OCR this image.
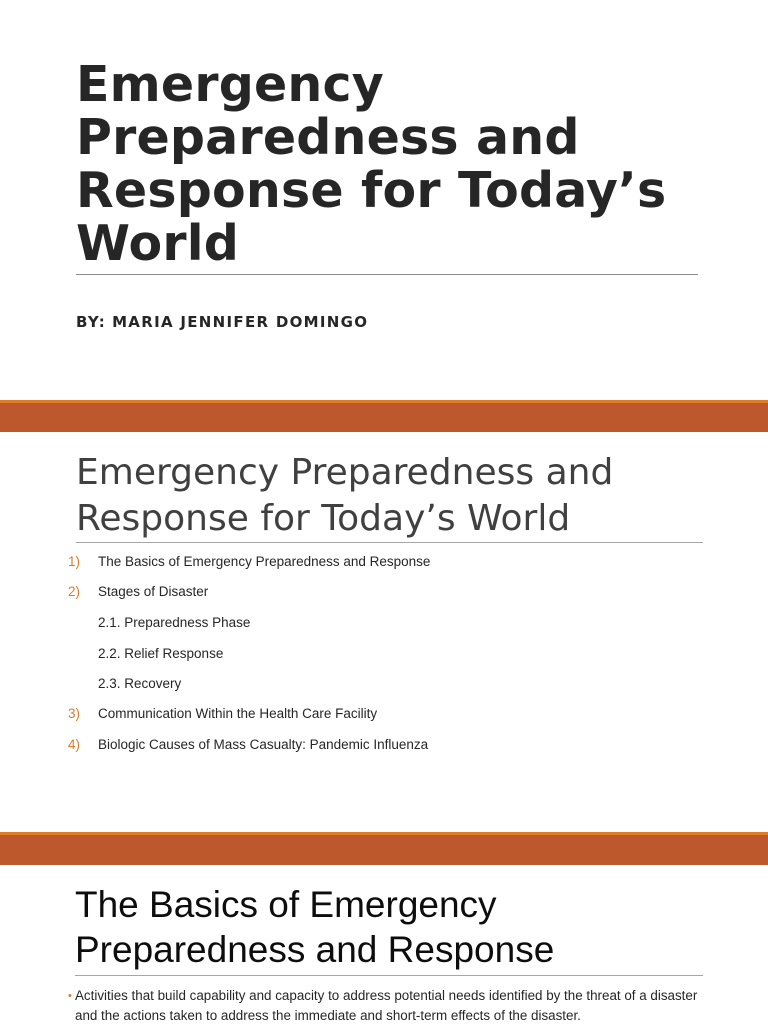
Emergency Preparedness and Response for Today’s World
BY: MARIA JENNIFER DOMINGO
Emergency Preparedness and Response for Today’s World
1) The Basics of Emergency Preparedness and Response
2) Stages of Disaster
2.1. Preparedness Phase
2.2. Relief Response
2.3. Recovery
3) Communication Within the Health Care Facility
4) Biologic Causes of Mass Casualty: Pandemic Influenza
The Basics of Emergency Preparedness and Response
• Activities that build capability and capacity to address potential needs identified by the threat of a disaster and the actions taken to address the immediate and short-term effects of the disaster.
